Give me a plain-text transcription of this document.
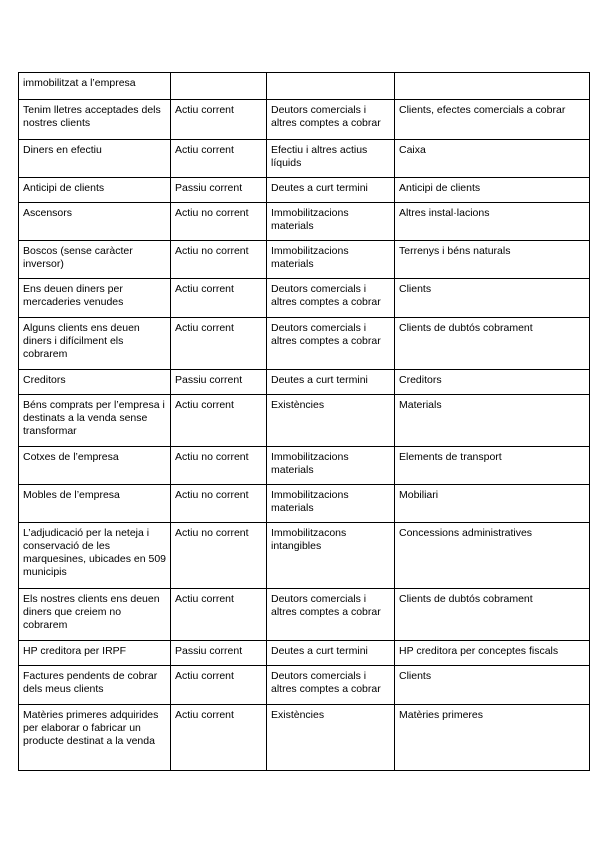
immobilitzat a l’empresa			
Tenim lletres acceptades dels nostres clients	Actiu corrent	Deutors comercials i altres comptes a cobrar	Clients, efectes comercials a cobrar
Diners en efectiu	Actiu corrent	Efectiu i altres actius líquids	Caixa
Anticipi de clients	Passiu corrent	Deutes a curt termini	Anticipi de clients
Ascensors	Actiu no corrent	Immobilitzacions materials	Altres instal·lacions
Boscos (sense caràcter inversor)	Actiu no corrent	Immobilitzacions materials	Terrenys i béns naturals
Ens deuen diners per mercaderies venudes	Actiu corrent	Deutors comercials i altres comptes a cobrar	Clients
Alguns clients ens deuen diners i difícilment els cobrarem	Actiu corrent	Deutors comercials i altres comptes a cobrar	Clients de dubtós cobrament
Creditors	Passiu corrent	Deutes a curt termini	Creditors
Béns comprats per l’empresa i destinats a la venda sense transformar	Actiu corrent	Existències	Materials
Cotxes de l’empresa	Actiu no corrent	Immobilitzacions materials	Elements de transport
Mobles de l’empresa	Actiu no corrent	Immobilitzacions materials	Mobiliari
L’adjudicació per la neteja i conservació de les marquesines, ubicades en 509 municipis	Actiu no corrent	Immobilitzacons intangibles	Concessions administratives
Els nostres clients ens deuen diners que creiem no cobrarem	Actiu corrent	Deutors comercials i altres comptes a cobrar	Clients de dubtós cobrament
HP creditora per IRPF	Passiu corrent	Deutes a curt termini	HP creditora per conceptes fiscals
Factures pendents de cobrar dels meus clients	Actiu corrent	Deutors comercials i altres comptes a cobrar	Clients
Matèries primeres adquirides per elaborar o fabricar un producte destinat a la venda	Actiu corrent	Existències	Matèries primeres
